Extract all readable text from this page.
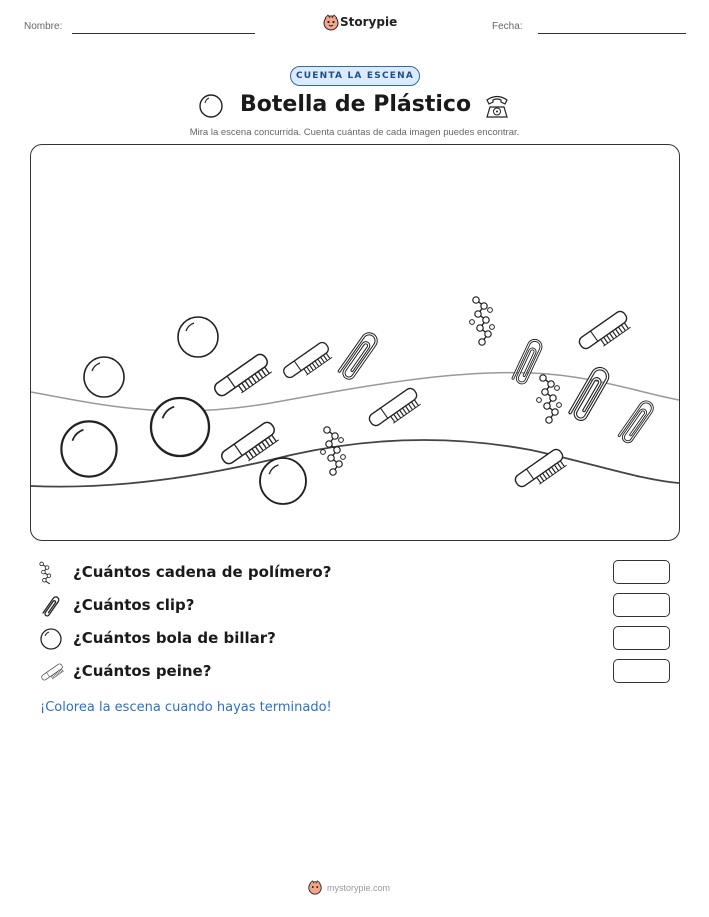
Nombre:	Storypie	Fecha:
CUENTA LA ESCENA
Botella de Plástico
Mira la escena concurrida. Cuenta cuántas de cada imagen puedes encontrar.
¿Cuántos cadena de polímero?
¿Cuántos clip?
¿Cuántos bola de billar?
¿Cuántos peine?
¡Colorea la escena cuando hayas terminado!
mystorypie.com
